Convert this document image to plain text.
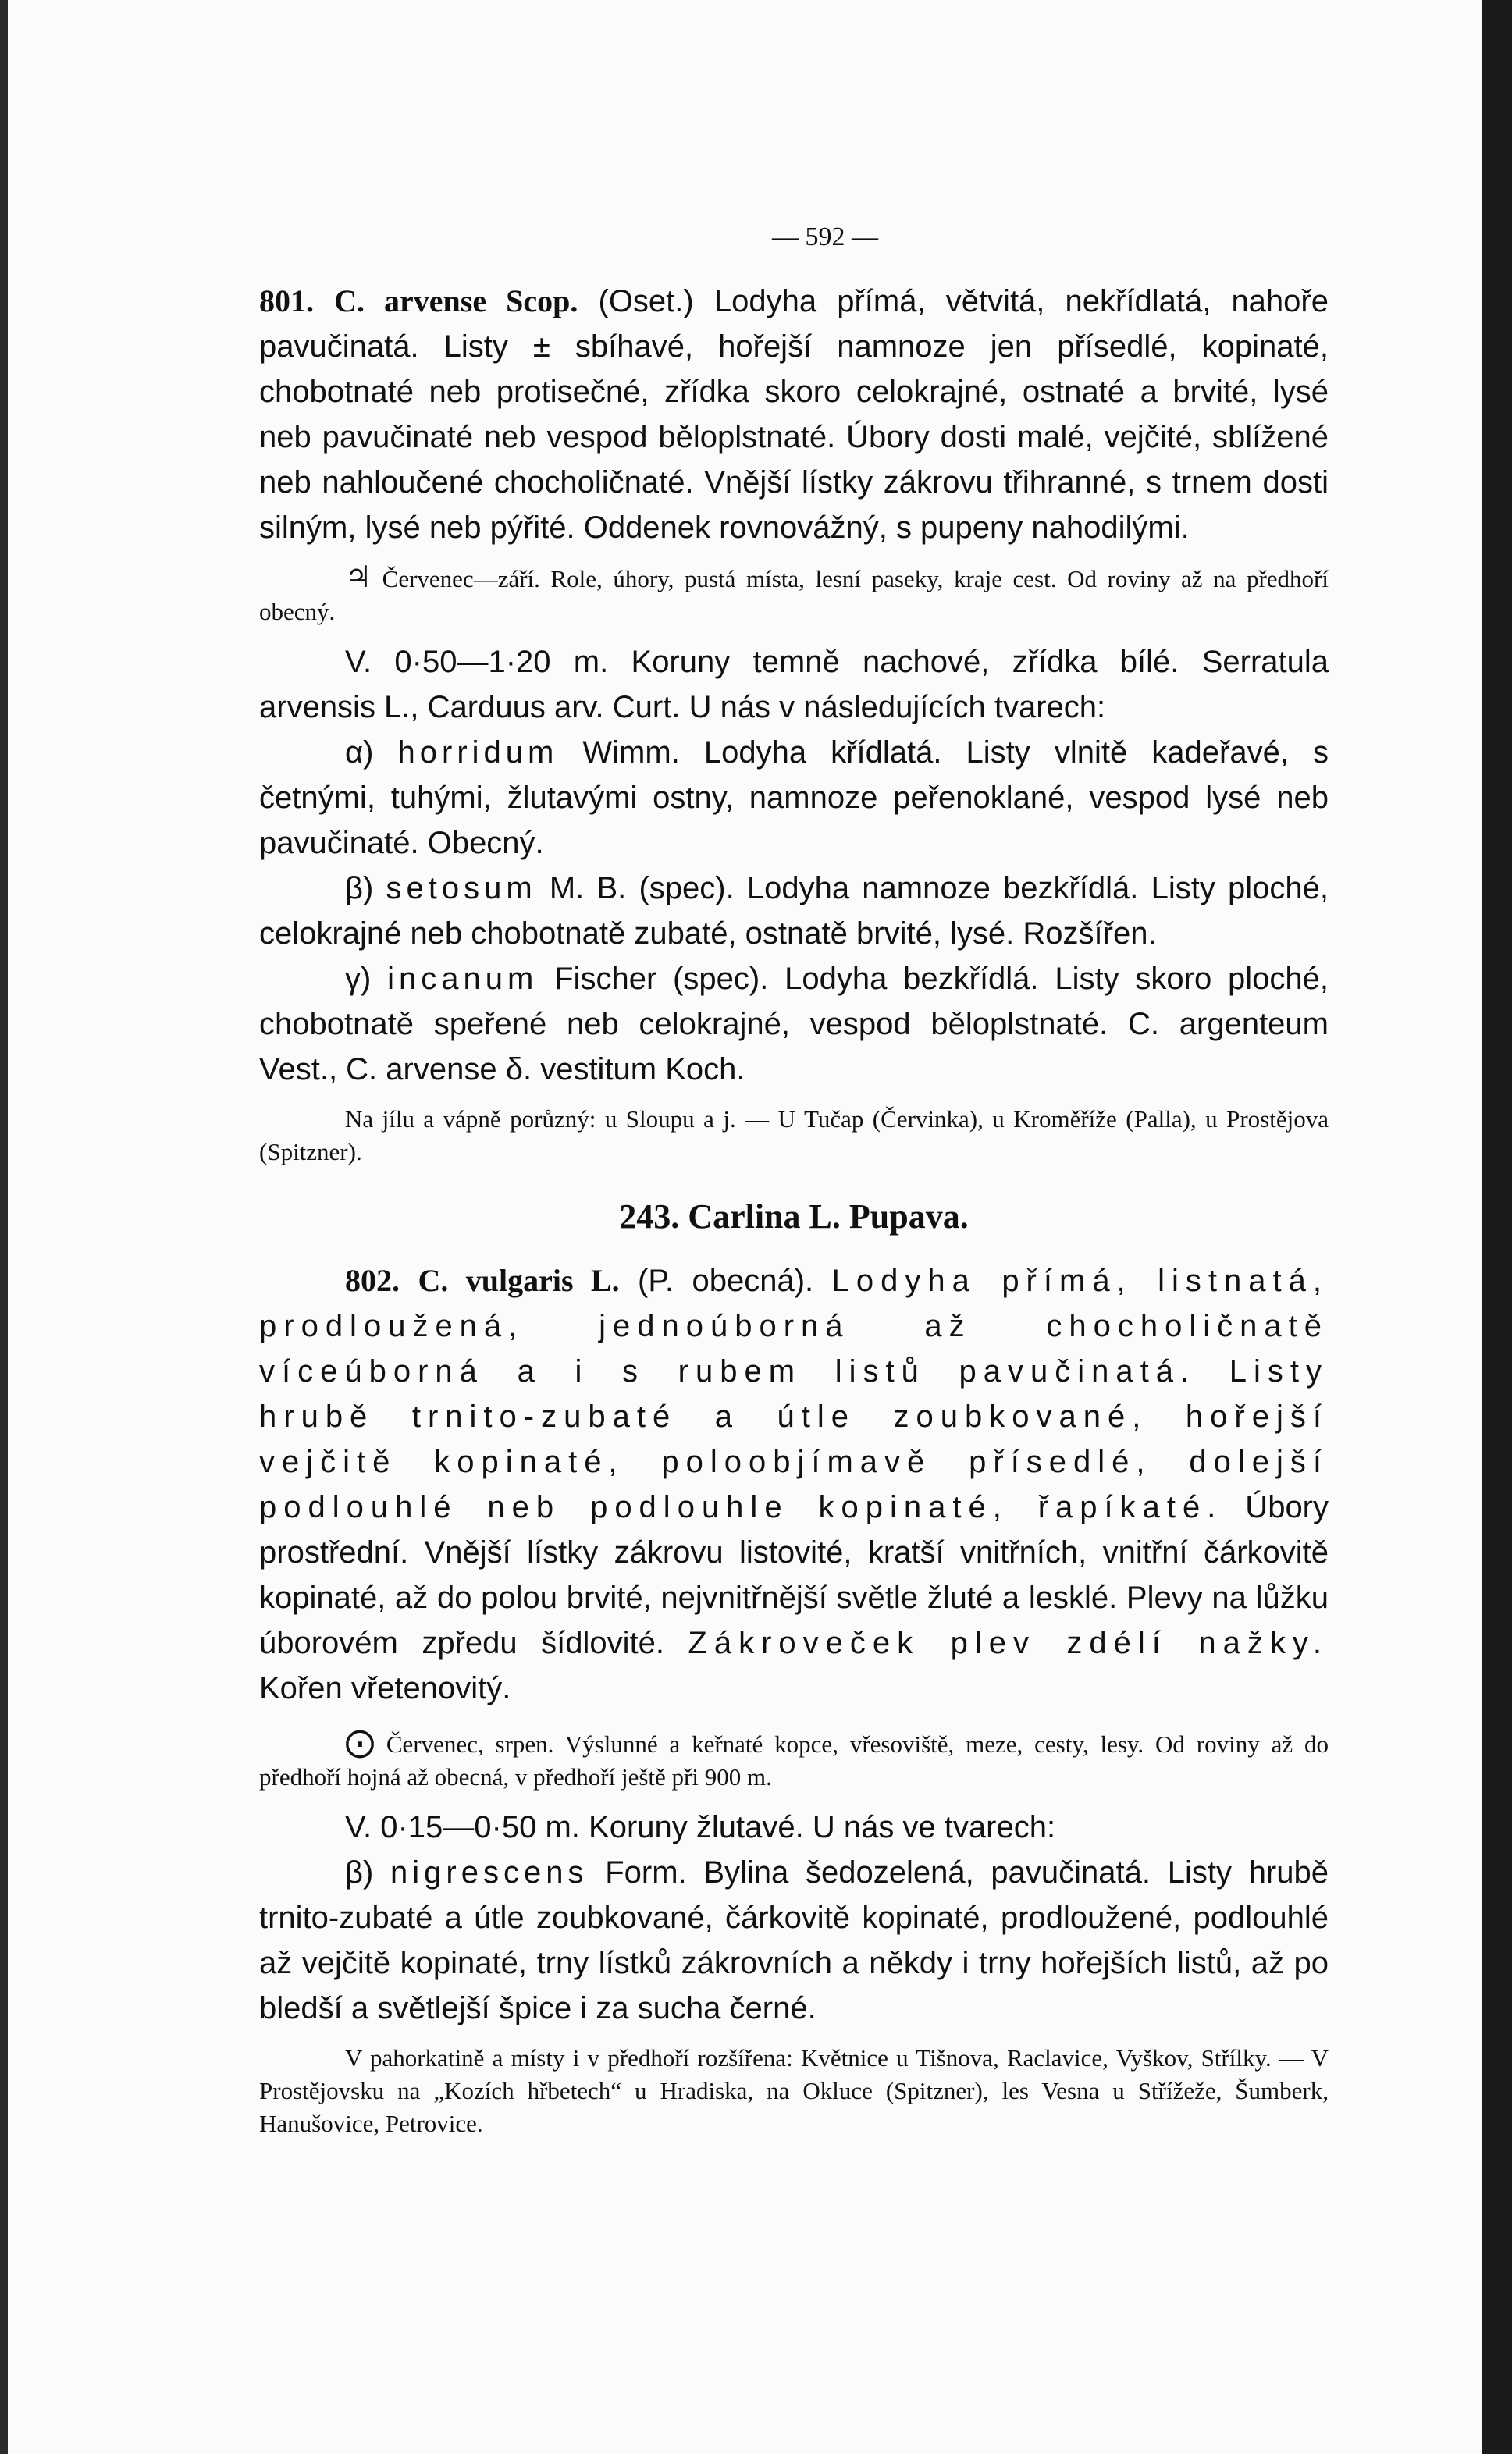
— 592 —

801. C. arvense Scop. (Oset.) Lodyha přímá, větvitá, nekřídlatá, nahoře pavučinatá. Listy ± sbíhavé, hořejší namnoze jen přísedlé, kopinaté, chobotnaté neb protisečné, zřídka skoro celokrajné, ostnaté a brvité, lysé neb pavučinaté neb vespod běloplstnaté. Úbory dosti malé, vejčité, sblížené neb nahloučené chocholičnaté. Vnější lístky zákrovu třihranné, s trnem dosti silným, lysé neb pýřité. Oddenek rovnovážný, s pupeny nahodilými.

♃ Červenec—září. Role, úhory, pustá místa, lesní paseky, kraje cest. Od roviny až na předhoří obecný.

V. 0·50—1·20 m. Koruny temně nachové, zřídka bílé. Serratula arvensis L., Carduus arv. Curt. U nás v následujících tvarech:

α) horridum Wimm. Lodyha křídlatá. Listy vlnitě kadeřavé, s četnými, tuhými, žlutavými ostny, namnoze peřenoklané, vespod lysé neb pavučinaté. Obecný.

β) setosum M. B. (spec). Lodyha namnoze bezkřídlá. Listy ploché, celokrajné neb chobotnatě zubaté, ostnatě brvité, lysé. Rozšířen.

γ) incanum Fischer (spec). Lodyha bezkřídlá. Listy skoro ploché, chobotnatě speřené neb celokrajné, vespod běloplstnaté. C. argenteum Vest., C. arvense δ. vestitum Koch.

Na jílu a vápně porůzný: u Sloupu a j. — U Tučap (Červinka), u Kroměříže (Palla), u Prostějova (Spitzner).

243. Carlina L. Pupava.

802. C. vulgaris L. (P. obecná). Lodyha přímá, listnatá, prodloužená, jednoúborná až chocholičnatě víceúborná a i s rubem listů pavučinatá. Listy hrubě trnito-zubaté a útle zoubkované, hořejší vejčitě kopinaté, poloobjímavě přísedlé, dolejší podlouhlé neb podlouhle kopinaté, řapíkaté. Úbory prostřední. Vnější lístky zákrovu listovité, kratší vnitřních, vnitřní čárkovitě kopinaté, až do polou brvité, nejvnitřnější světle žluté a lesklé. Plevy na lůžku úborovém zpředu šídlovité. Zákroveček plev zdélí nažky. Kořen vřetenovitý.

⨀ Červenec, srpen. Výslunné a keřnaté kopce, vřesoviště, meze, cesty, lesy. Od roviny až do předhoří hojná až obecná, v předhoří ještě při 900 m.

V. 0·15—0·50 m. Koruny žlutavé. U nás ve tvarech:

β) nigrescens Form. Bylina šedozelená, pavučinatá. Listy hrubě trnito-zubaté a útle zoubkované, čárkovitě kopinaté, prodloužené, podlouhlé až vejčitě kopinaté, trny lístků zákrovních a někdy i trny hořejších listů, až po bledší a světlejší špice i za sucha černé.

V pahorkatině a místy i v předhoří rozšířena: Květnice u Tišnova, Raclavice, Vyškov, Střílky. — V Prostějovsku na „Kozích hřbetech“ u Hradiska, na Okluce (Spitzner), les Vesna u Střížeže, Šumberk, Hanušovice, Petrovice.
